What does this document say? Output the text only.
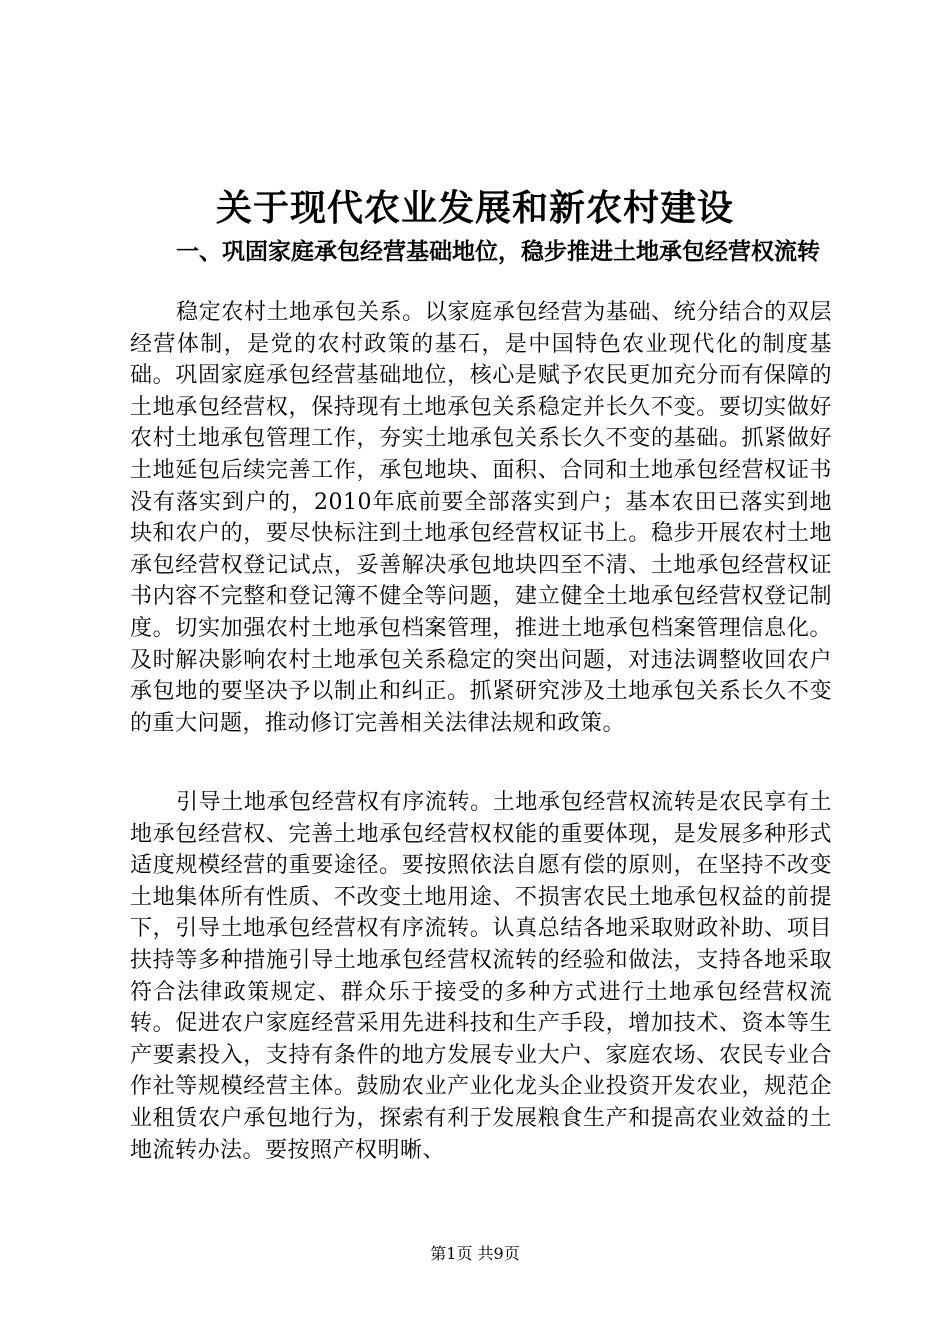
关于现代农业发展和新农村建设
一、巩固家庭承包经营基础地位，稳步推进土地承包经营权流转

稳定农村土地承包关系。以家庭承包经营为基础、统分结合的双层经营体制，是党的农村政策的基石，是中国特色农业现代化的制度基础。巩固家庭承包经营基础地位，核心是赋予农民更加充分而有保障的土地承包经营权，保持现有土地承包关系稳定并长久不变。要切实做好农村土地承包管理工作，夯实土地承包关系长久不变的基础。抓紧做好土地延包后续完善工作，承包地块、面积、合同和土地承包经营权证书没有落实到户的，2010年底前要全部落实到户；基本农田已落实到地块和农户的，要尽快标注到土地承包经营权证书上。稳步开展农村土地承包经营权登记试点，妥善解决承包地块四至不清、土地承包经营权证书内容不完整和登记簿不健全等问题，建立健全土地承包经营权登记制度。切实加强农村土地承包档案管理，推进土地承包档案管理信息化。及时解决影响农村土地承包关系稳定的突出问题，对违法调整收回农户承包地的要坚决予以制止和纠正。抓紧研究涉及土地承包关系长久不变的重大问题，推动修订完善相关法律法规和政策。

引导土地承包经营权有序流转。土地承包经营权流转是农民享有土地承包经营权、完善土地承包经营权权能的重要体现，是发展多种形式适度规模经营的重要途径。要按照依法自愿有偿的原则，在坚持不改变土地集体所有性质、不改变土地用途、不损害农民土地承包权益的前提下，引导土地承包经营权有序流转。认真总结各地采取财政补助、项目扶持等多种措施引导土地承包经营权流转的经验和做法，支持各地采取符合法律政策规定、群众乐于接受的多种方式进行土地承包经营权流转。促进农户家庭经营采用先进科技和生产手段，增加技术、资本等生产要素投入，支持有条件的地方发展专业大户、家庭农场、农民专业合作社等规模经营主体。鼓励农业产业化龙头企业投资开发农业，规范企业租赁农户承包地行为，探索有利于发展粮食生产和提高农业效益的土地流转办法。要按照产权明晰、

第1页 共9页
